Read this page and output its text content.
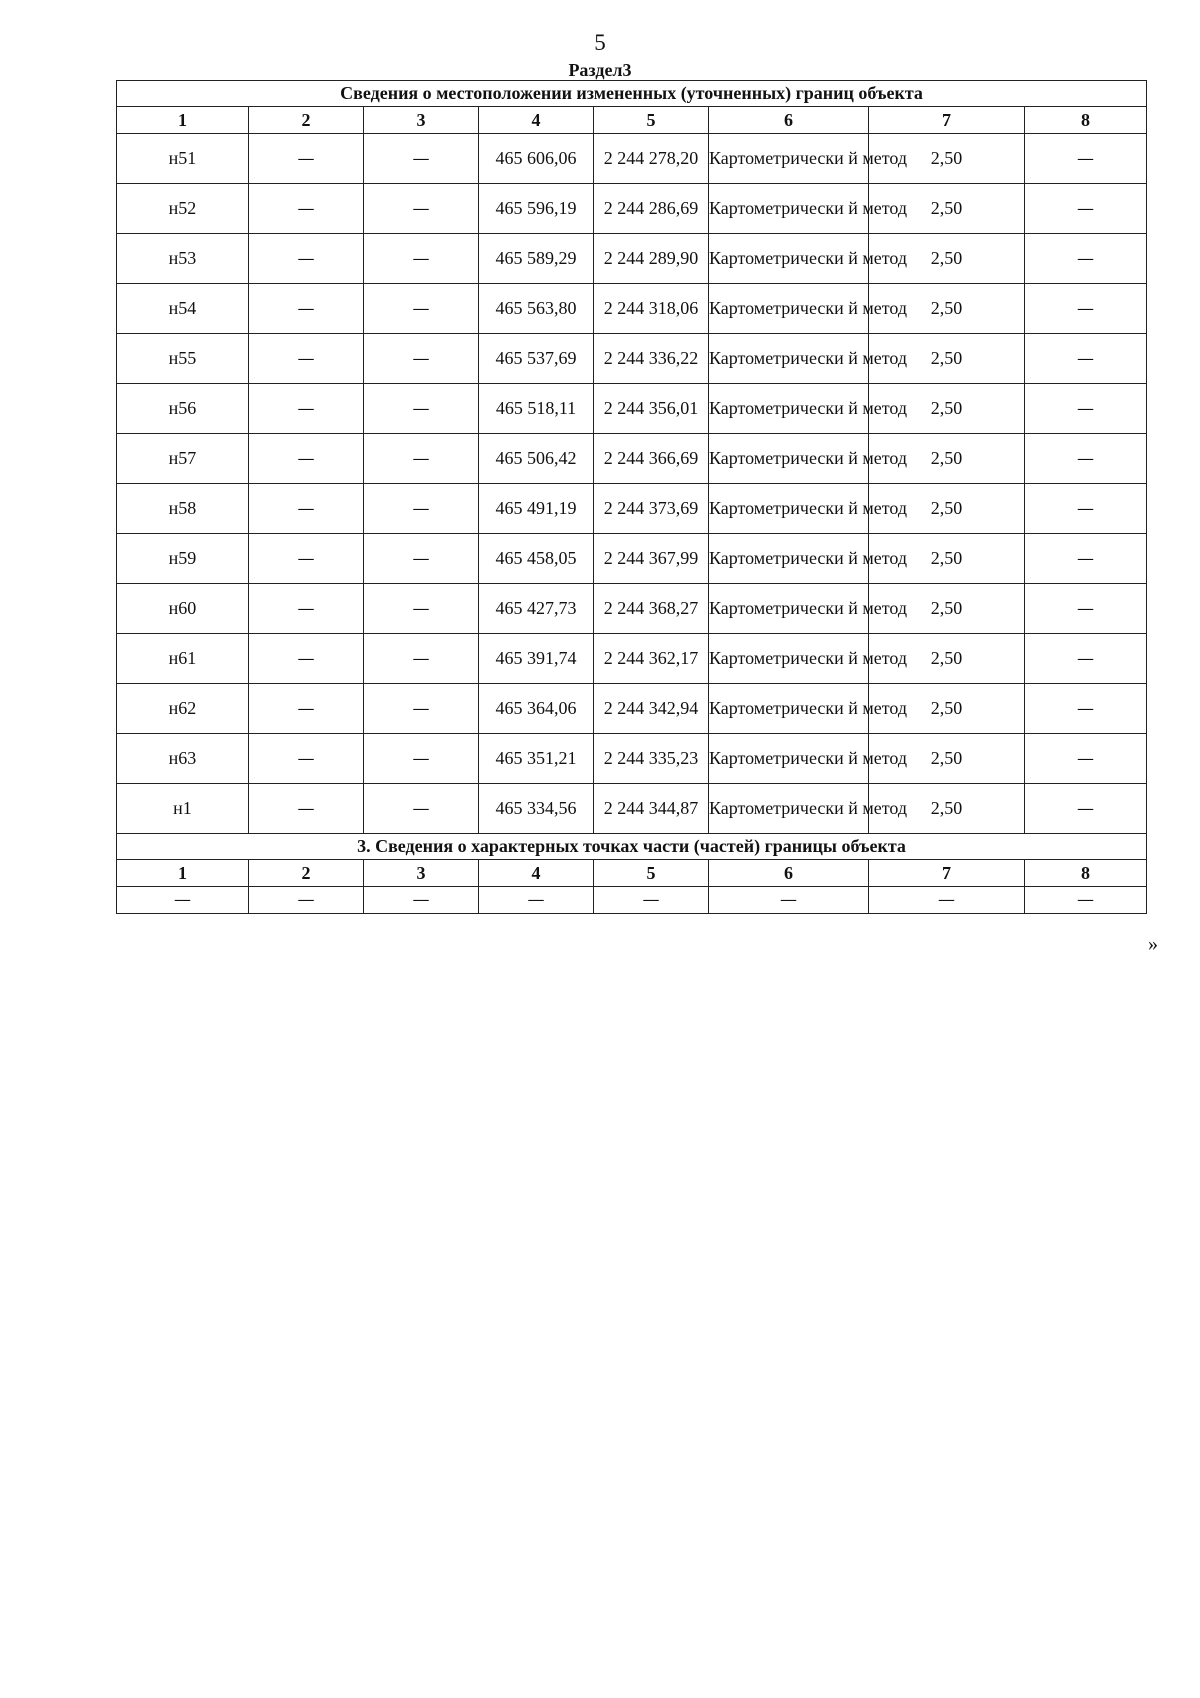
5
Раздел3
Сведения о местоположении измененных (уточненных) границ объекта							
1	2	3	4	5	6	7	8
н51	—	—	465 606,06	2 244 278,20	Картометрически й метод	2,50	—
н52	—	—	465 596,19	2 244 286,69	Картометрически й метод	2,50	—
н53	—	—	465 589,29	2 244 289,90	Картометрически й метод	2,50	—
н54	—	—	465 563,80	2 244 318,06	Картометрически й метод	2,50	—
н55	—	—	465 537,69	2 244 336,22	Картометрически й метод	2,50	—
н56	—	—	465 518,11	2 244 356,01	Картометрически й метод	2,50	—
н57	—	—	465 506,42	2 244 366,69	Картометрически й метод	2,50	—
н58	—	—	465 491,19	2 244 373,69	Картометрически й метод	2,50	—
н59	—	—	465 458,05	2 244 367,99	Картометрически й метод	2,50	—
н60	—	—	465 427,73	2 244 368,27	Картометрически й метод	2,50	—
н61	—	—	465 391,74	2 244 362,17	Картометрически й метод	2,50	—
н62	—	—	465 364,06	2 244 342,94	Картометрически й метод	2,50	—
н63	—	—	465 351,21	2 244 335,23	Картометрически й метод	2,50	—
н1	—	—	465 334,56	2 244 344,87	Картометрически й метод	2,50	—
3. Сведения о характерных точках части (частей) границы объекта							
1	2	3	4	5	6	7	8
—	—	—	—	—	—	—	—
»
